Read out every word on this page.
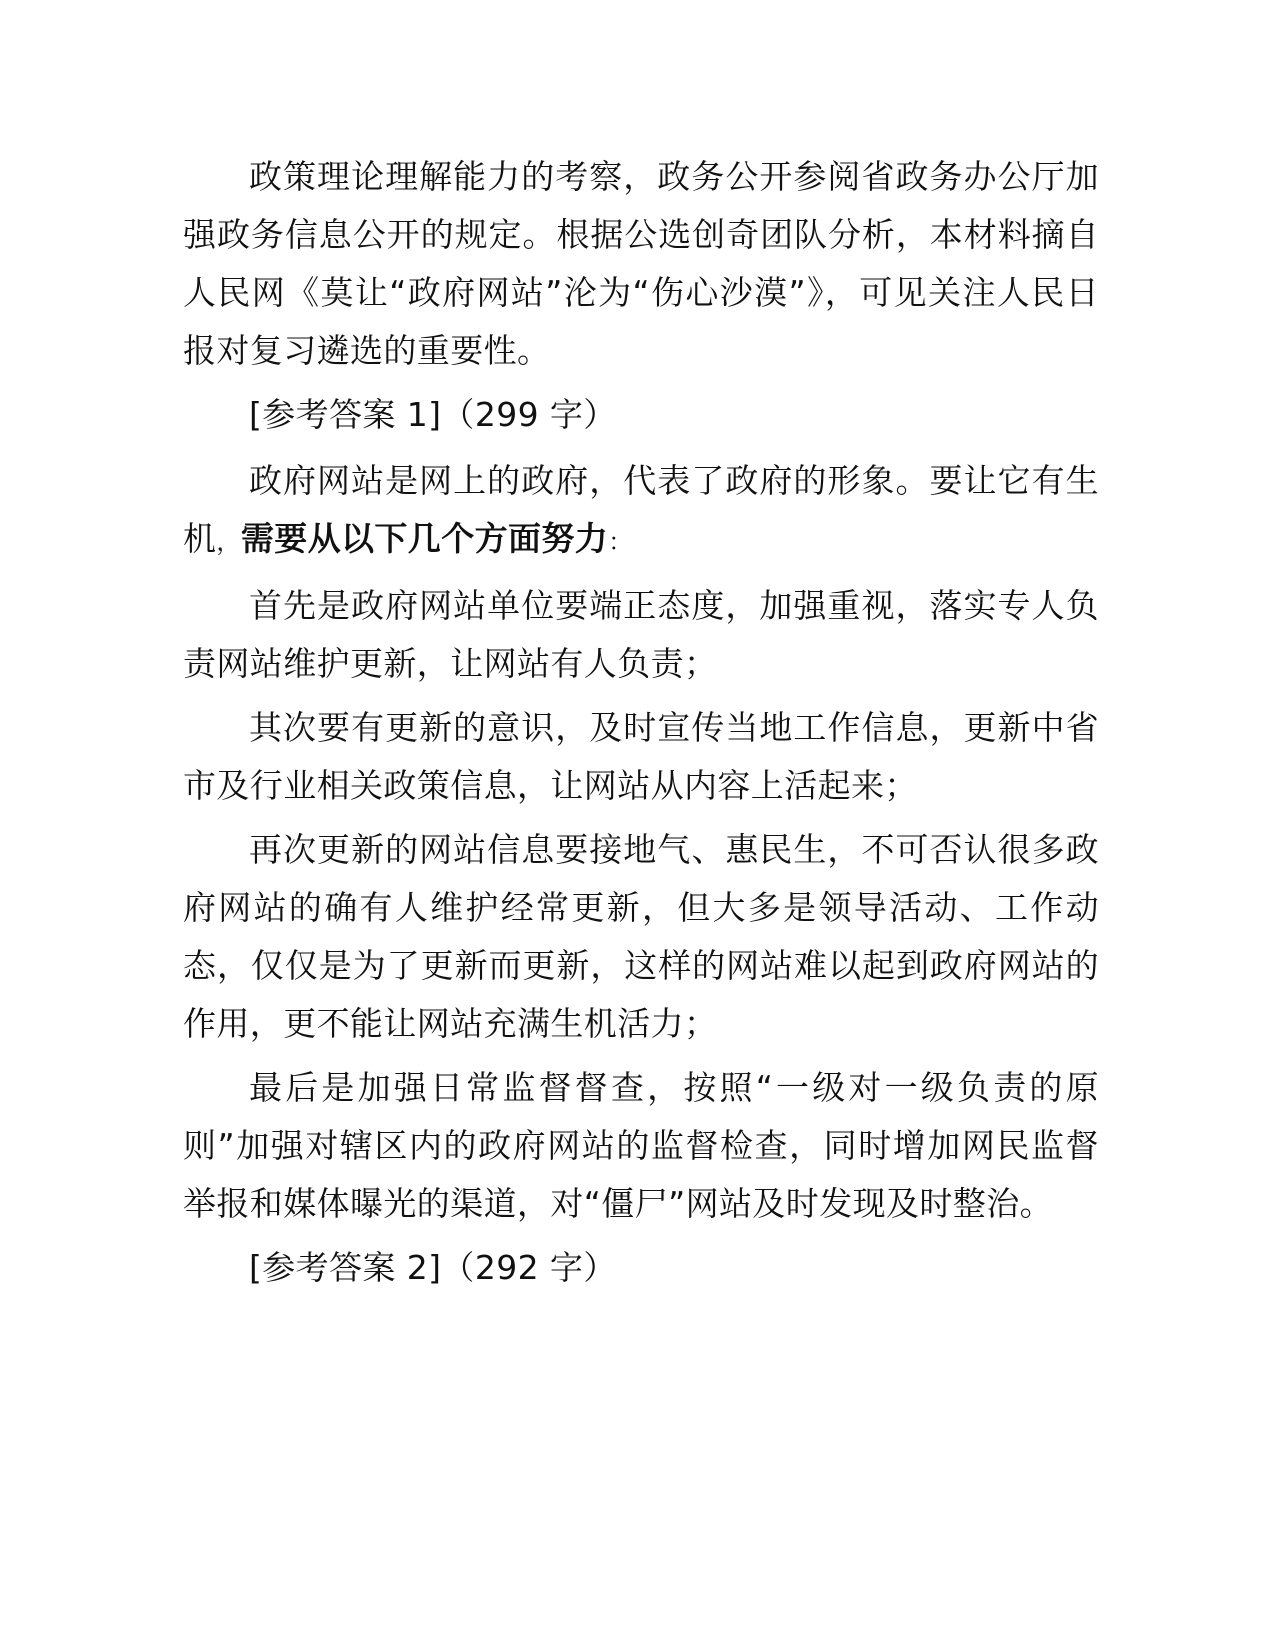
政策理论理解能力的考察，政务公开参阅省政务办公厅加强政务信息公开的规定。根据公选创奇团队分析，本材料摘自人民网《莫让“政府网站”沦为“伤心沙漠”》，可见关注人民日报对复习遴选的重要性。

[参考答案 1]（299 字）

政府网站是网上的政府，代表了政府的形象。要让它有生机，需要从以下几个方面努力：

首先是政府网站单位要端正态度，加强重视，落实专人负责网站维护更新，让网站有人负责；

其次要有更新的意识，及时宣传当地工作信息，更新中省市及行业相关政策信息，让网站从内容上活起来；

再次更新的网站信息要接地气、惠民生，不可否认很多政府网站的确有人维护经常更新，但大多是领导活动、工作动态，仅仅是为了更新而更新，这样的网站难以起到政府网站的作用，更不能让网站充满生机活力；

最后是加强日常监督督查，按照“一级对一级负责的原则”加强对辖区内的政府网站的监督检查，同时增加网民监督举报和媒体曝光的渠道，对“僵尸”网站及时发现及时整治。

[参考答案 2]（292 字）
